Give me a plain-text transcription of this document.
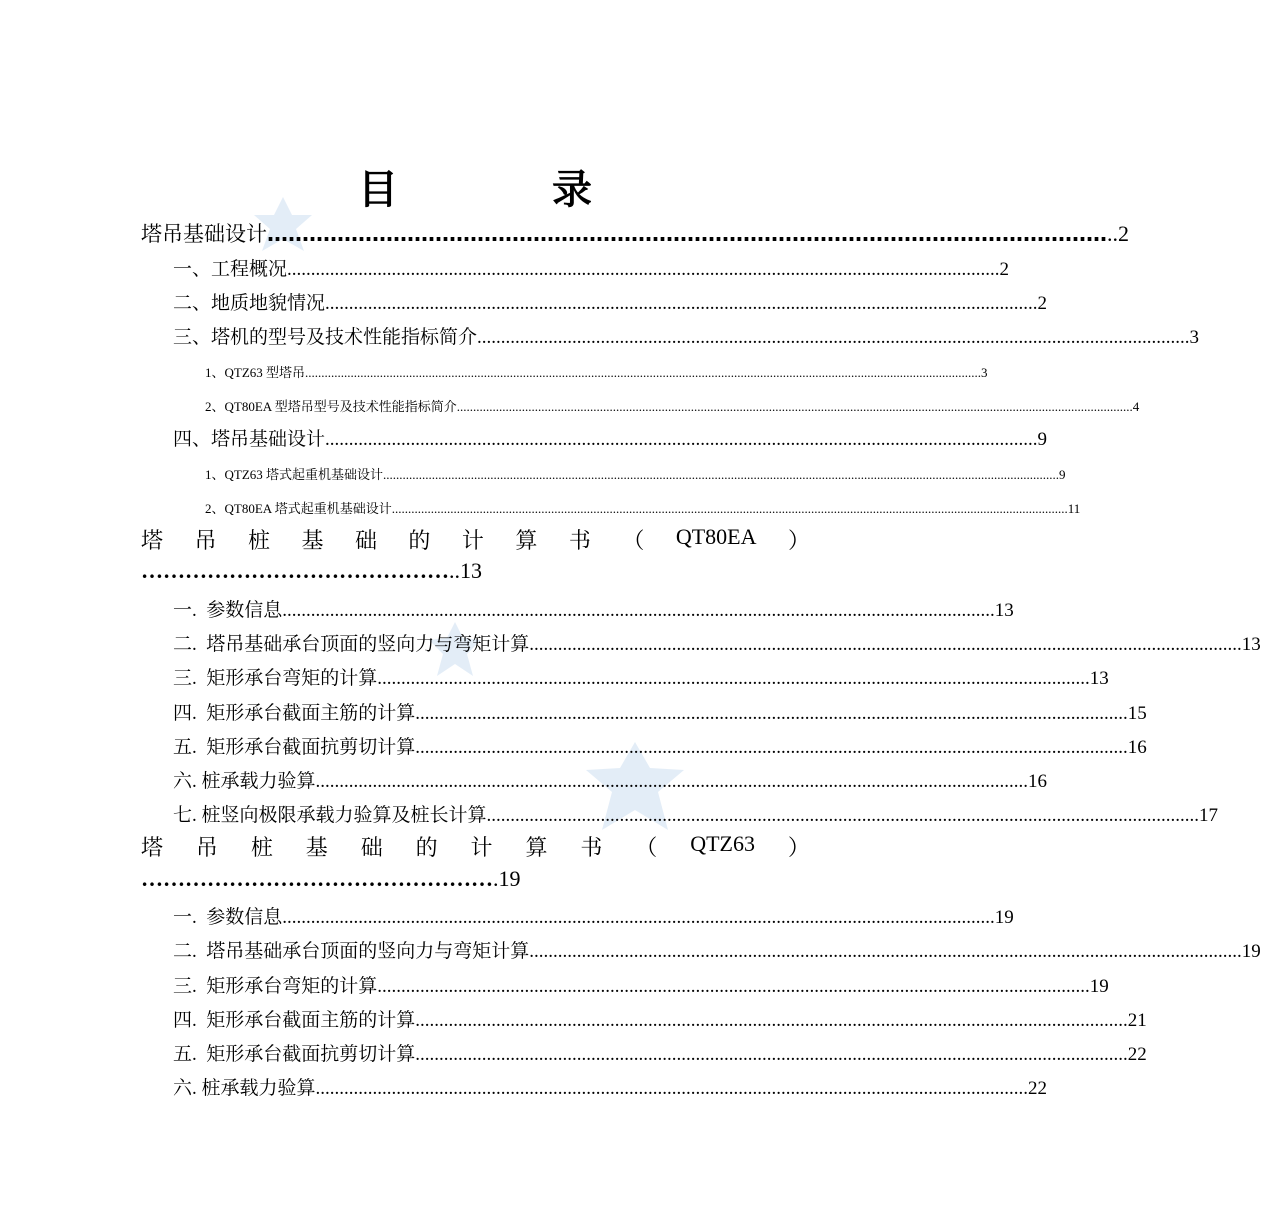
目 录
塔吊基础设计 ………………………………………………………………………………………………………… ..2
一、工程概况 ...................................................................................................................................................... 2
二、地质地貌情况 ...................................................................................................................................................... 2
三、塔机的型号及技术性能指标简介 ...................................................................................................................................................... 3
1、QTZ63 型塔吊 ................................................................................................................................................................................................................ 3
2、QT80EA 型塔吊型号及技术性能指标简介 ................................................................................................................................................................................................................ 4
四、塔吊基础设计 ...................................................................................................................................................... 9
1、QTZ63 塔式起重机基础设计 ................................................................................................................................................................................................................ 9
2、QT80EA 塔式起重机基础设计 ................................................................................................................................................................................................................ 11
塔 吊 桩 基 础 的 计 算 书 （ QT80EA ）
……………………………………..13
一.  参数信息 ...................................................................................................................................................... 13
二.  塔吊基础承台顶面的竖向力与弯矩计算 ...................................................................................................................................................... 13
三.  矩形承台弯矩的计算 ...................................................................................................................................................... 13
四.  矩形承台截面主筋的计算 ...................................................................................................................................................... 15
五.  矩形承台截面抗剪切计算 ...................................................................................................................................................... 16
六. 桩承载力验算 ...................................................................................................................................................... 16
七. 桩竖向极限承载力验算及桩长计算 ...................................................................................................................................................... 17
塔 吊 桩 基 础 的 计 算 书 （ QTZ63 ）
………………………………………….19
一.  参数信息 ...................................................................................................................................................... 19
二.  塔吊基础承台顶面的竖向力与弯矩计算 ...................................................................................................................................................... 19
三.  矩形承台弯矩的计算 ...................................................................................................................................................... 19
四.  矩形承台截面主筋的计算 ...................................................................................................................................................... 21
五.  矩形承台截面抗剪切计算 ...................................................................................................................................................... 22
六. 桩承载力验算 ...................................................................................................................................................... 22
